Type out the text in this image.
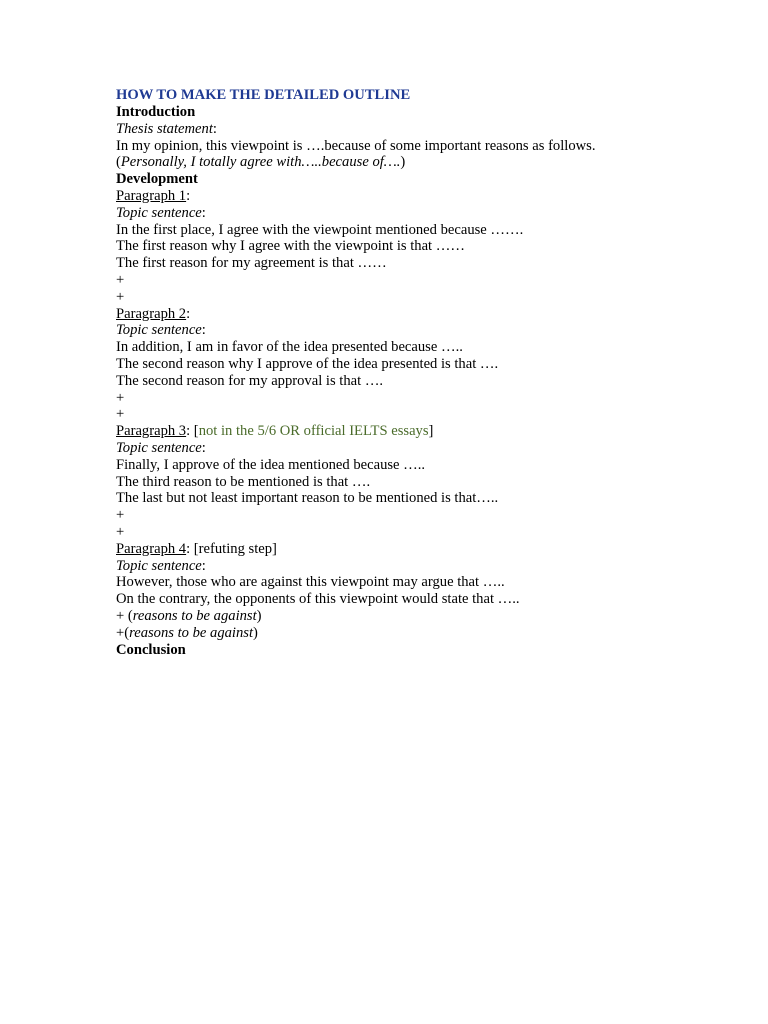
HOW TO MAKE THE DETAILED OUTLINE
Introduction
Thesis statement:
In my opinion, this viewpoint is ….because of some important reasons as follows.
(Personally, I totally agree with…..because of….)
Development
Paragraph 1:
Topic sentence:
In the first place, I agree with the viewpoint mentioned because …….
The first reason why I agree with the viewpoint is that ……
The first reason for my agreement is that ……
+
+
Paragraph 2:
Topic sentence:
In addition, I am in favor of the idea presented because …..
The second reason why I approve of the idea presented is that ….
The second reason for my approval is that ….
+
+
Paragraph 3: [not in the 5/6 OR official IELTS essays]
Topic sentence:
Finally, I approve of the idea mentioned because …..
The third reason to be mentioned is that ….
The last but not least important reason to be mentioned is that…..
+
+
Paragraph 4: [refuting step]
Topic sentence:
However, those who are against this viewpoint may argue that …..
On the contrary, the opponents of this viewpoint would state that …..
+ (reasons to be against)
+(reasons to be against)
Conclusion
